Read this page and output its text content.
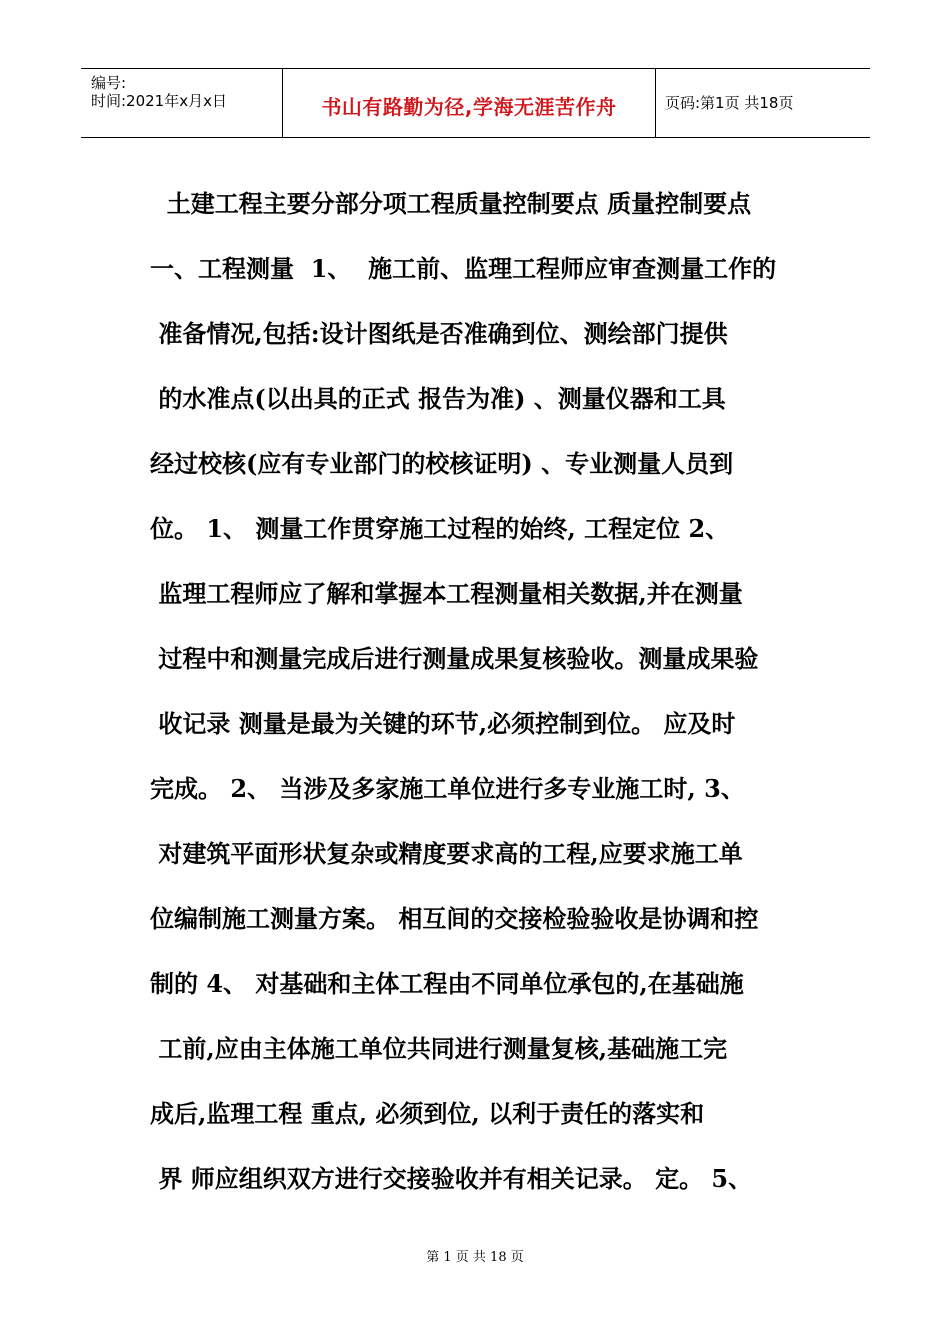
编号:
时间:2021年x月x日	书山有路勤为径,学海无涯苦作舟	页码:第1页 共18页
土建工程主要分部分项工程质量控制要点 质量控制要点
一、工程测量  1、  施工前、监理工程师应审查测量工作的
准备情况,包括:设计图纸是否准确到位、测绘部门提供
的水准点(以出具的正式 报告为准) 、测量仪器和工具
经过校核(应有专业部门的校核证明) 、专业测量人员到
位。 1、 测量工作贯穿施工过程的始终, 工程定位 2、
监理工程师应了解和掌握本工程测量相关数据,并在测量
过程中和测量完成后进行测量成果复核验收。测量成果验
收记录 测量是最为关键的环节,必须控制到位。 应及时
完成。 2、 当涉及多家施工单位进行多专业施工时, 3、
对建筑平面形状复杂或精度要求高的工程,应要求施工单
位编制施工测量方案。 相互间的交接检验验收是协调和控
制的 4、 对基础和主体工程由不同单位承包的,在基础施
工前,应由主体施工单位共同进行测量复核,基础施工完
成后,监理工程 重点, 必须到位, 以利于责任的落实和
界 师应组织双方进行交接验收并有相关记录。 定。 5、
第 1 页 共 18 页
